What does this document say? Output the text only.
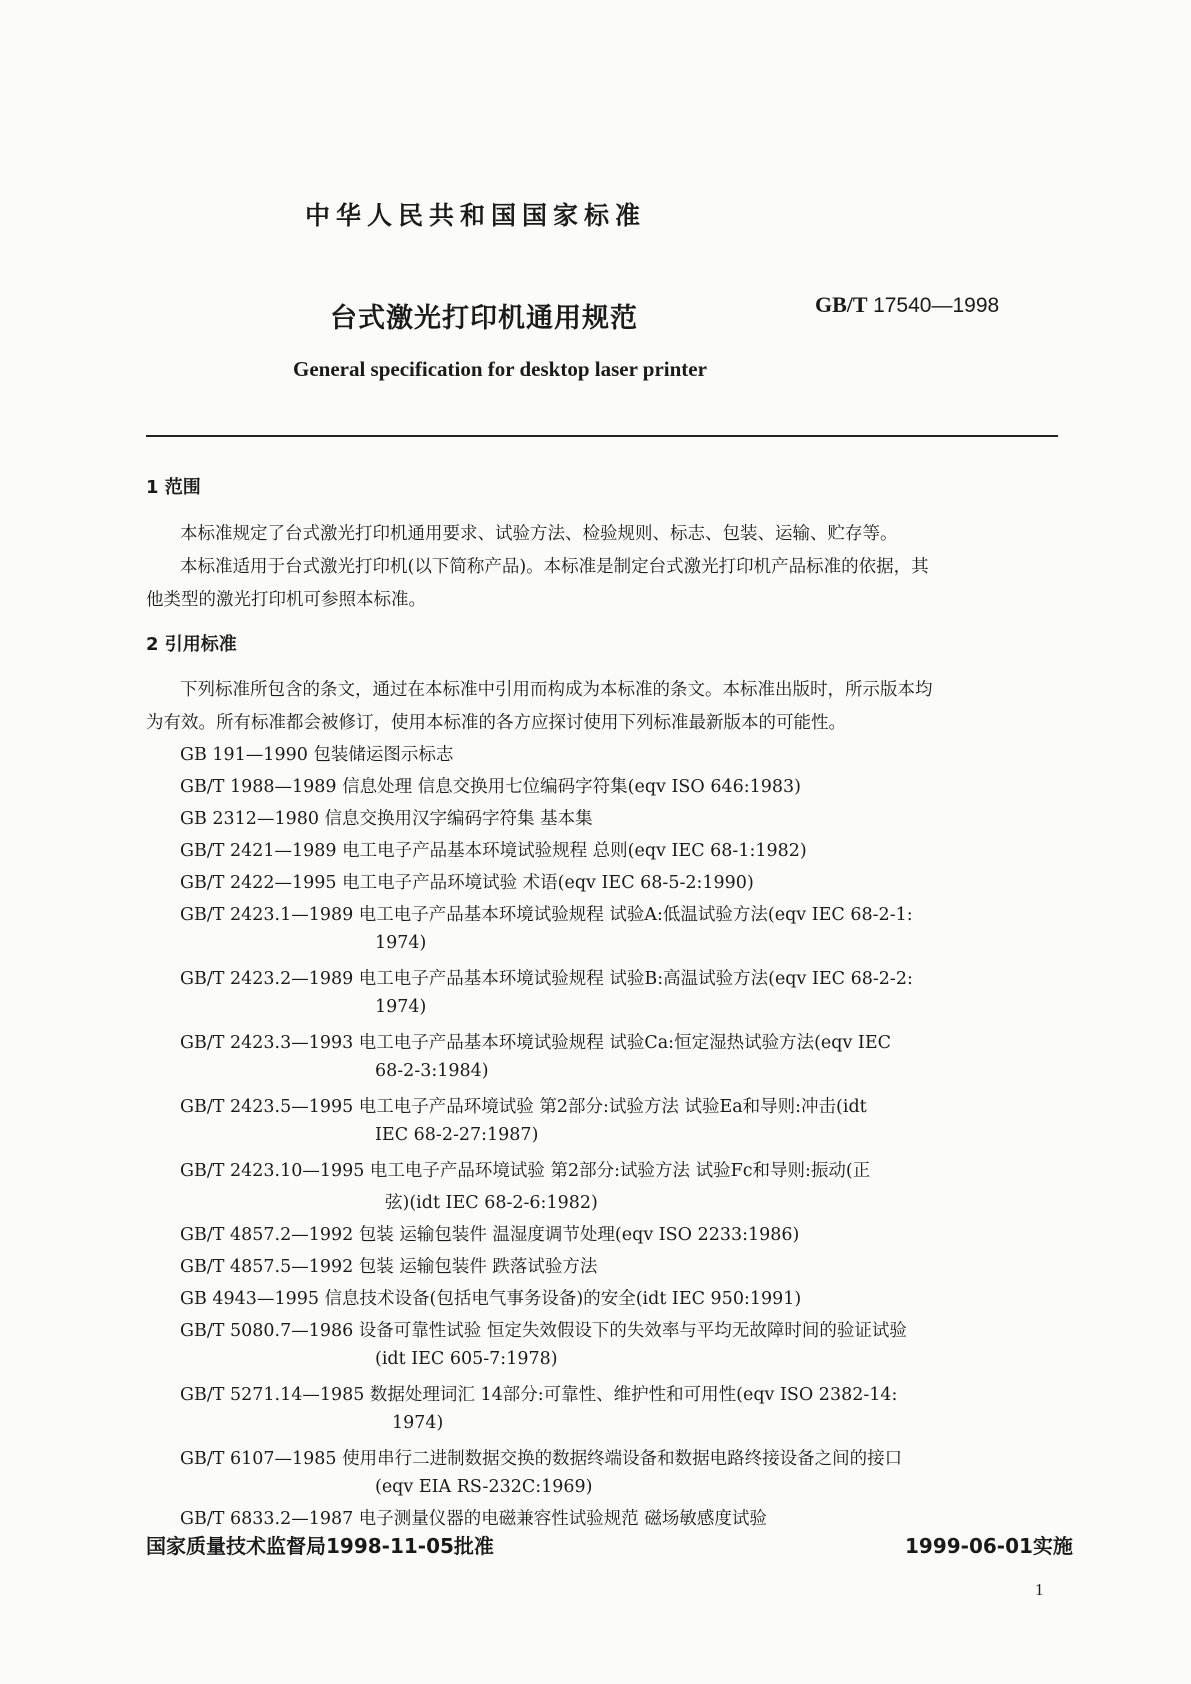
中华人民共和国国家标准
台式激光打印机通用规范	GB/T 17540—1998
General specification for desktop laser printer
1 范围
本标准规定了台式激光打印机通用要求、试验方法、检验规则、标志、包装、运输、贮存等。
本标准适用于台式激光打印机(以下简称产品)。本标准是制定台式激光打印机产品标准的依据，其
他类型的激光打印机可参照本标准。
2 引用标准
下列标准所包含的条文，通过在本标准中引用而构成为本标准的条文。本标准出版时，所示版本均
为有效。所有标准都会被修订，使用本标准的各方应探讨使用下列标准最新版本的可能性。
GB 191—1990 包装储运图示标志
GB/T 1988—1989 信息处理 信息交换用七位编码字符集(eqv ISO 646:1983)
GB 2312—1980 信息交换用汉字编码字符集 基本集
GB/T 2421—1989 电工电子产品基本环境试验规程 总则(eqv IEC 68-1:1982)
GB/T 2422—1995 电工电子产品环境试验 术语(eqv IEC 68-5-2:1990)
GB/T 2423.1—1989 电工电子产品基本环境试验规程 试验A:低温试验方法(eqv IEC 68-2-1:
1974)
GB/T 2423.2—1989 电工电子产品基本环境试验规程 试验B:高温试验方法(eqv IEC 68-2-2:
1974)
GB/T 2423.3—1993 电工电子产品基本环境试验规程 试验Ca:恒定湿热试验方法(eqv IEC
68-2-3:1984)
GB/T 2423.5—1995 电工电子产品环境试验 第2部分:试验方法 试验Ea和导则:冲击(idt
IEC 68-2-27:1987)
GB/T 2423.10—1995 电工电子产品环境试验 第2部分:试验方法 试验Fc和导则:振动(正
弦)(idt IEC 68-2-6:1982)
GB/T 4857.2—1992 包装 运输包装件 温湿度调节处理(eqv ISO 2233:1986)
GB/T 4857.5—1992 包装 运输包装件 跌落试验方法
GB 4943—1995 信息技术设备(包括电气事务设备)的安全(idt IEC 950:1991)
GB/T 5080.7—1986 设备可靠性试验 恒定失效假设下的失效率与平均无故障时间的验证试验
(idt IEC 605-7:1978)
GB/T 5271.14—1985 数据处理词汇 14部分:可靠性、维护性和可用性(eqv ISO 2382-14:
1974)
GB/T 6107—1985 使用串行二进制数据交换的数据终端设备和数据电路终接设备之间的接口
(eqv EIA RS-232C:1969)
GB/T 6833.2—1987 电子测量仪器的电磁兼容性试验规范 磁场敏感度试验
国家质量技术监督局1998-11-05批准	1999-06-01实施
1
